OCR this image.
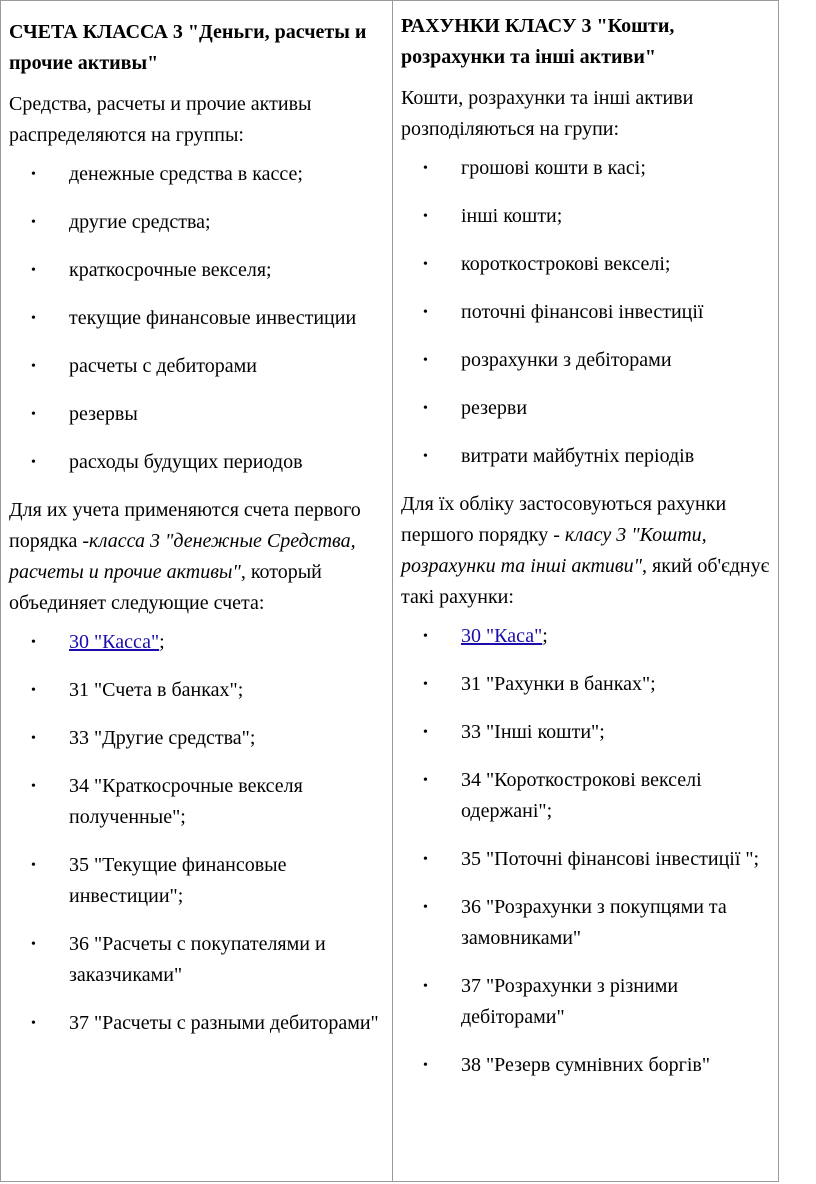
СЧЕТА КЛАССА 3 "Деньги, расчеты и прочие активы"

Средства, расчеты и прочие активы распределяются на группы:

• денежные средства в кассе;
• другие средства;
• краткосрочные векселя;
• текущие финансовые инвестиции
• расчеты с дебиторами
• резервы
• расходы будущих периодов

Для их учета применяются счета первого порядка -класса 3 "денежные Средства, расчеты и прочие активы", который объединяет следующие счета:

• 30 "Касса";
• 31 "Счета в банках";
• 33 "Другие средства";
• 34 "Краткосрочные векселя полученные";
• 35 "Текущие финансовые инвестиции";
• 36 "Расчеты с покупателями и заказчиками"
• 37 "Расчеты с разными дебиторами"

РАХУНКИ КЛАСУ 3 "Кошти, розрахунки та інші активи"

Кошти, розрахунки та інші активи розподіляються на групи:

• грошові кошти в касі;
• інші кошти;
• короткострокові векселі;
• поточні фінансові інвестиції
• розрахунки з дебіторами
• резерви
• витрати майбутніх періодів

Для їх обліку застосовуються рахунки першого порядку - класу 3 "Кошти, розрахунки та інші активи", який об'єднує такі рахунки:

• 30 "Каса";
• 31 "Рахунки в банках";
• 33 "Інші кошти";
• 34 "Короткострокові векселі одержані";
• 35 "Поточні фінансові інвестиції ";
• 36 "Розрахунки з покупцями та замовниками"
• 37 "Розрахунки з різними дебіторами"
• 38 "Резерв сумнівних боргів"
